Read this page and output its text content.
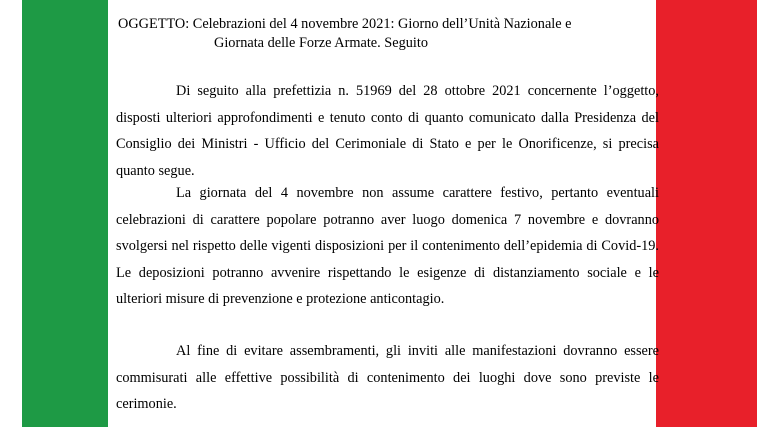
OGGETTO: Celebrazioni del 4 novembre 2021: Giorno dell’Unità Nazionale e
Giornata delle Forze Armate. Seguito

Di seguito alla prefettizia n. 51969 del 28 ottobre 2021 concernente l’oggetto, disposti ulteriori approfondimenti e tenuto conto di quanto comunicato dalla Presidenza del Consiglio dei Ministri - Ufficio del Cerimoniale di Stato e per le Onorificenze, si precisa quanto segue.

La giornata del 4 novembre non assume carattere festivo, pertanto eventuali celebrazioni di carattere popolare potranno aver luogo domenica 7 novembre e dovranno svolgersi nel rispetto delle vigenti disposizioni per il contenimento dell’epidemia di Covid-19. Le deposizioni potranno avvenire rispettando le esigenze di distanziamento sociale e le ulteriori misure di prevenzione e protezione anticontagio.

Al fine di evitare assembramenti, gli inviti alle manifestazioni dovranno essere commisurati alle effettive possibilità di contenimento dei luoghi dove sono previste le cerimonie.
